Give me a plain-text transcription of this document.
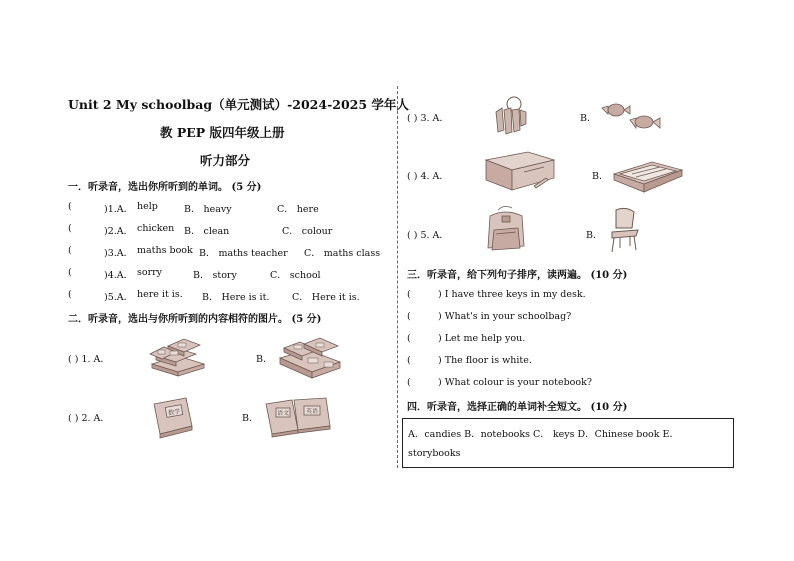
Unit 2 My schoolbag（单元测试）-2024-2025 学年人
教 PEP 版四年级上册
听力部分
一．听录音，选出你所听到的单词。 (5 分)
(	)1.A． help	B． heavy	C． here
(	)2.A． chicken B． clean	C． colour
(	)3.A． maths book B． maths teacher C． maths class
(	)4.A． sorry	B． story	C． school
(	)5.A． here it is. B． Here is it. C． Here it is.
二．听录音，选出与你所听到的内容相符的图片。 (5 分)
( ) 1. A．	B．
( ) 2. A．
数学
B．	语文	英语
( ) 3. A．	B．
( ) 4. A．	B．
( ) 5. A．	B．
三．听录音，给下列句子排序，读两遍。 (10 分)
(	) I have three keys in my desk.
(	) What's in your schoolbag?
(	) Let me help you.
(	) The floor is white.
(	) What colour is your notebook?
四．听录音，选择正确的单词补全短文。 (10 分)
A．candies B．notebooks C． keys D．Chinese book E．
storybooks
